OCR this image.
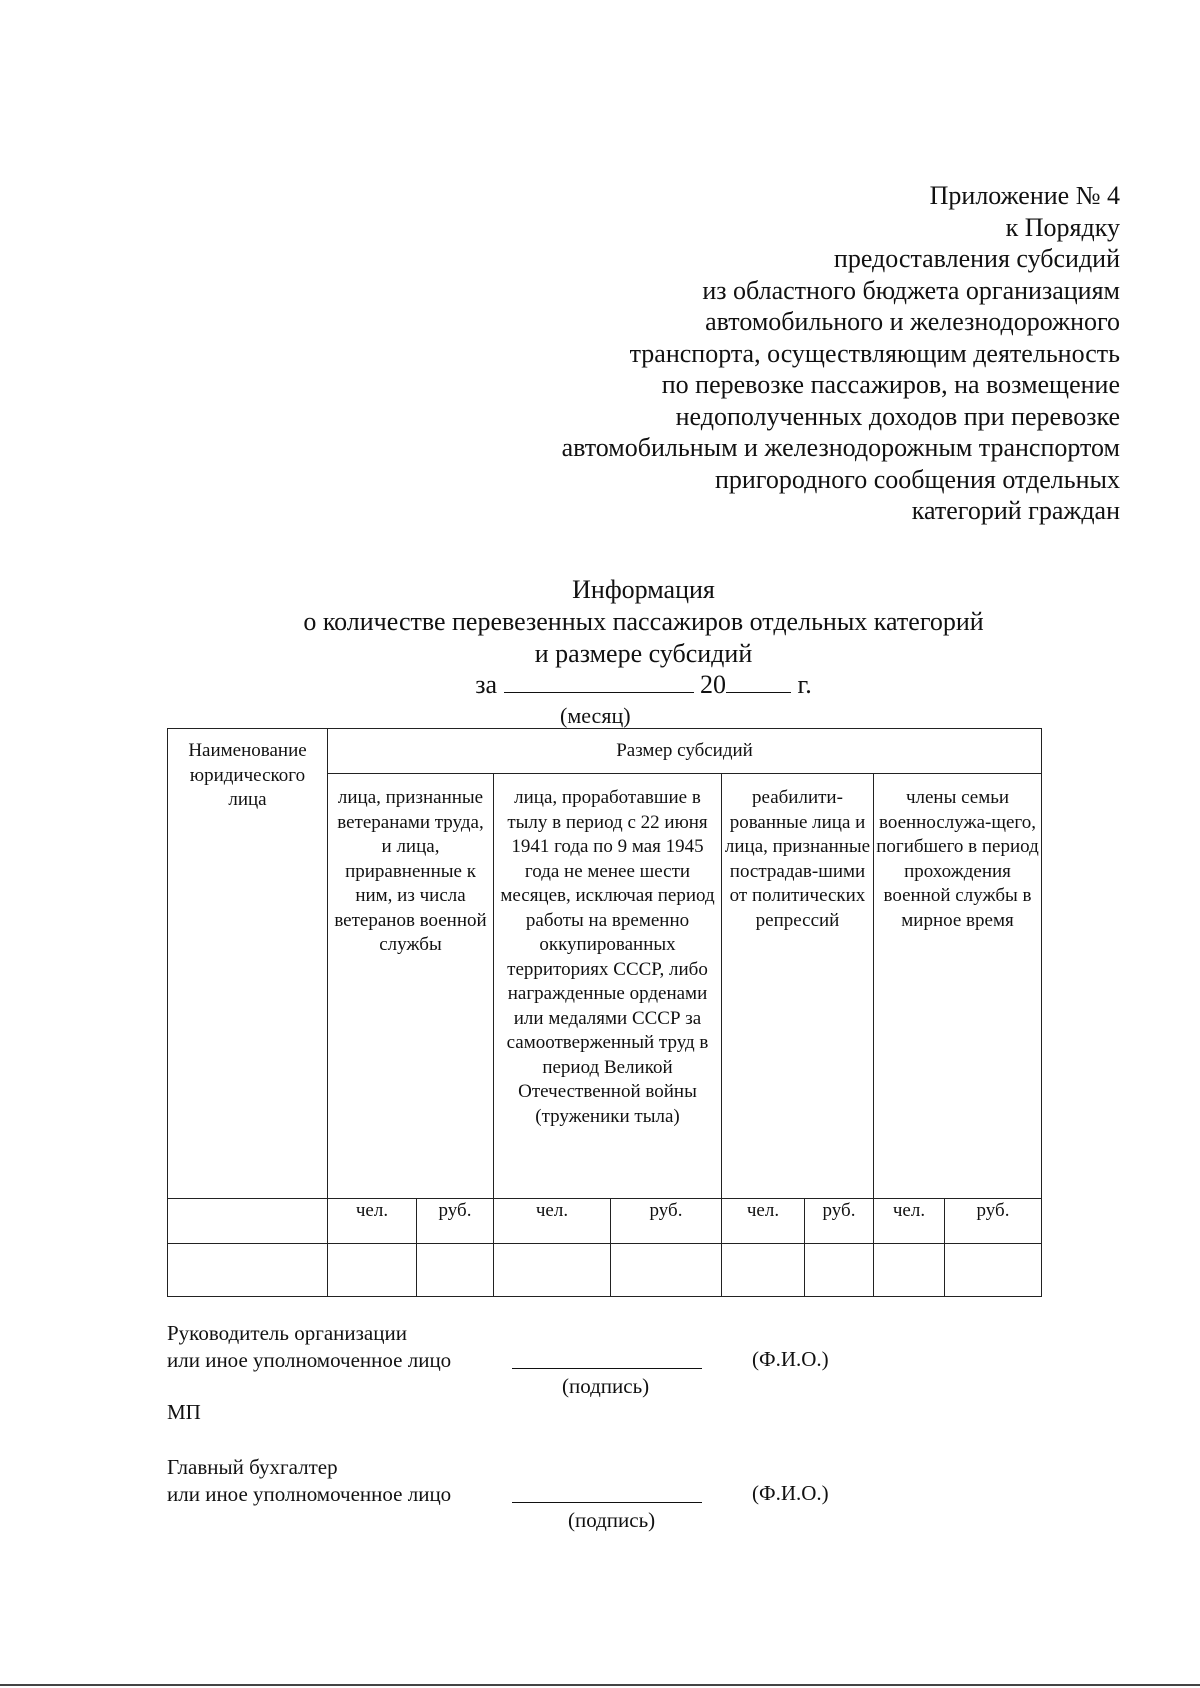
Приложение № 4
к Порядку
предоставления субсидий
из областного бюджета организациям
автомобильного и железнодорожного
транспорта, осуществляющим деятельность
по перевозке пассажиров, на возмещение
недополученных доходов при перевозке
автомобильным и железнодорожным транспортом
пригородного сообщения отдельных
категорий граждан
Информация
о количестве перевезенных пассажиров отдельных категорий
и размере субсидий
за	20	г.
(месяц)
Наименование юридического лица	Размер субсидий							
	лица, признанные ветеранами труда, и лица, приравненные к ним, из числа ветеранов военной службы		лица, проработавшие в тылу в период с 22 июня 1941 года по 9 мая 1945 года не менее шести месяцев, исключая период работы на временно оккупированных территориях СССР, либо награжденные орденами или медалями СССР за самоотверженный труд в период Великой Отечественной войны (труженики тыла)		реабилити-рованные лица и лица, признанные пострадав-шими от политических репрессий		члены семьи военнослужа-щего, погибшего в период прохождения военной службы в мирное время	
	чел.	руб.	чел.	руб.	чел.	руб.	чел.	руб.

Руководитель организации
или иное уполномоченное лицо
(подпись)
(Ф.И.О.)
МП
Главный бухгалтер
или иное уполномоченное лицо
(подпись)
(Ф.И.О.)
